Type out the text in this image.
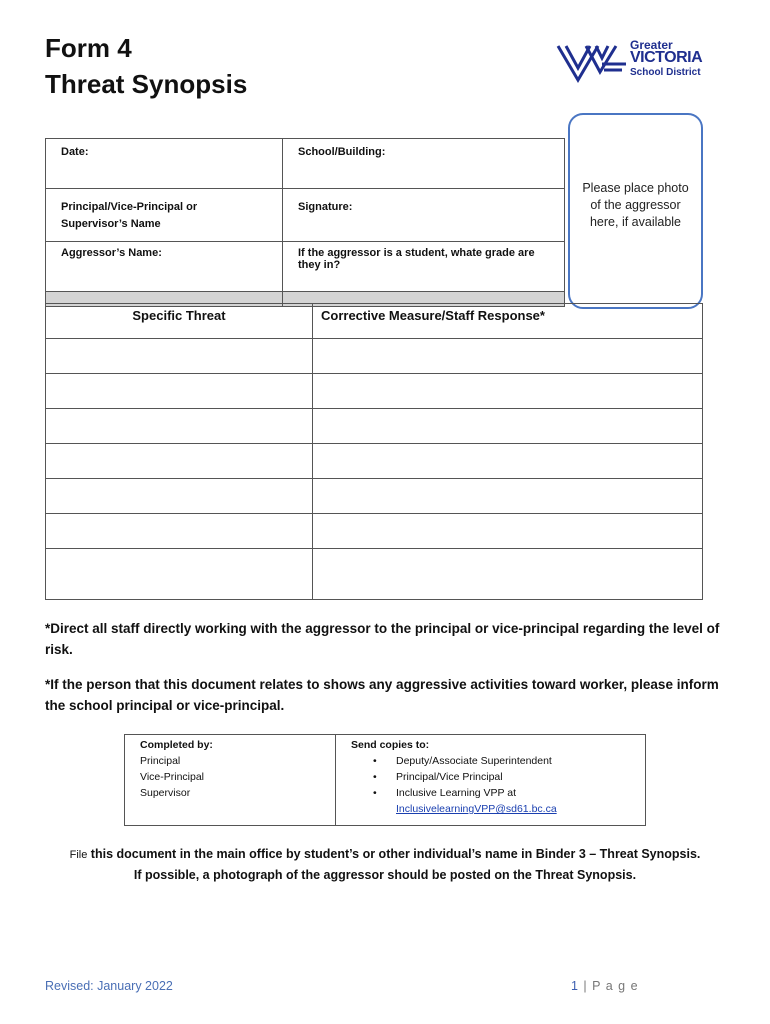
Form 4
Threat Synopsis
Greater
VICTORIA
School District
Date:	School/Building:

Principal/Vice-Principal or
Supervisor’s Name	Signature:
Aggressor’s Name:	If the aggressor is a student, whate grade are they in?

Please place photo of the aggressor here, if available
Specific Threat	Corrective Measure/Staff Response*

*Direct all staff directly working with the aggressor to the principal or vice-principal regarding the level of risk.
*If the person that this document relates to shows any aggressive activities toward worker, please inform the school principal or vice-principal.
Completed by:
Principal
Vice-Principal
Supervisor

Send copies to:
• Deputy/Associate Superintendent
• Principal/Vice Principal
• Inclusive Learning VPP at
InclusivelearningVPP@sd61.bc.ca
File this document in the main office by student’s or other individual’s name in Binder 3 – Threat Synopsis.
If possible, a photograph of the aggressor should be posted on the Threat Synopsis.
Revised: January 2022	1 | P a g e
